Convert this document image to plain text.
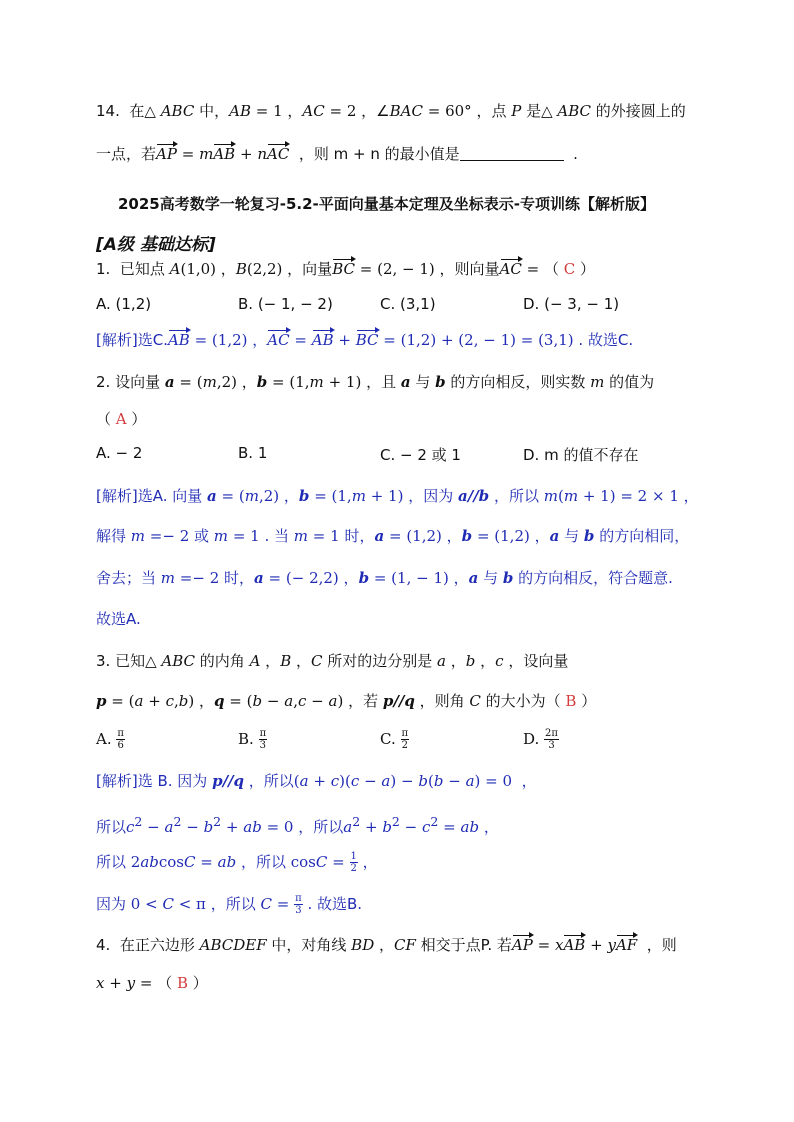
14.  在△ ABC 中，AB = 1 ，AC = 2 ，∠BAC = 60° ，点 P 是△ ABC 的外接圆上的
一点，若AP = mAB + nAC ，则 m + n 的最小值是	.
2025高考数学一轮复习-5.2-平面向量基本定理及坐标表示-专项训练【解析版】
[A级 基础达标]
1.  已知点 A(1,0) ，B(2,2) ，向量BC = (2, − 1) ，则向量AC = （ C ）
A. (1,2)	B. (− 1, − 2)	C. (3,1)	D. (− 3, − 1)
[解析]选C.AB = (1,2) ，AC = AB + BC = (1,2) + (2, − 1) = (3,1) . 故选C.
2. 设向量 a = (m,2) ，b = (1,m + 1) ，且 a 与 b 的方向相反，则实数 m 的值为
（ A ）
A. − 2	B. 1	C. − 2 或 1	D. m 的值不存在
[解析]选A. 向量 a = (m,2) ，b = (1,m + 1) ，因为 a//b ，所以 m(m + 1) = 2 × 1 ，
解得 m =− 2 或 m = 1 . 当 m = 1 时，a = (1,2) ，b = (1,2) ，a 与 b 的方向相同，
舍去；当 m =− 2 时，a = (− 2,2) ，b = (1, − 1) ，a 与 b 的方向相反，符合题意.
故选A.
3. 已知△ ABC 的内角 A ，B ，C 所对的边分别是 a ，b ，c ，设向量
p = (a + c,b) ，q = (b − a,c − a) ，若 p//q ，则角 C 的大小为（ B ）
A. $\frac{\pi}{6}$	B. $\frac{\pi}{3}$	C. $\frac{\pi}{2}$	D. $\frac{2\pi}{3}$
[解析]选 B. 因为 p//q ，所以(a + c)(c − a) − b(b − a) = 0  ，
所以$c^2 - a^2 - b^2$ + ab = 0 ，所以$a^2 + b^2 - c^2$ = ab ，
所以 2abcosC = ab ，所以 $\cos C = \frac{1}{2}$ ，
因为 0 < C < π ，所以 $C = \frac{\pi}{3}$ . 故选B.
4.  在正六边形 ABCDEF 中，对角线 BD ，CF 相交于点P. 若AP = xAB + yAF  ，则
x + y = （ B ）
